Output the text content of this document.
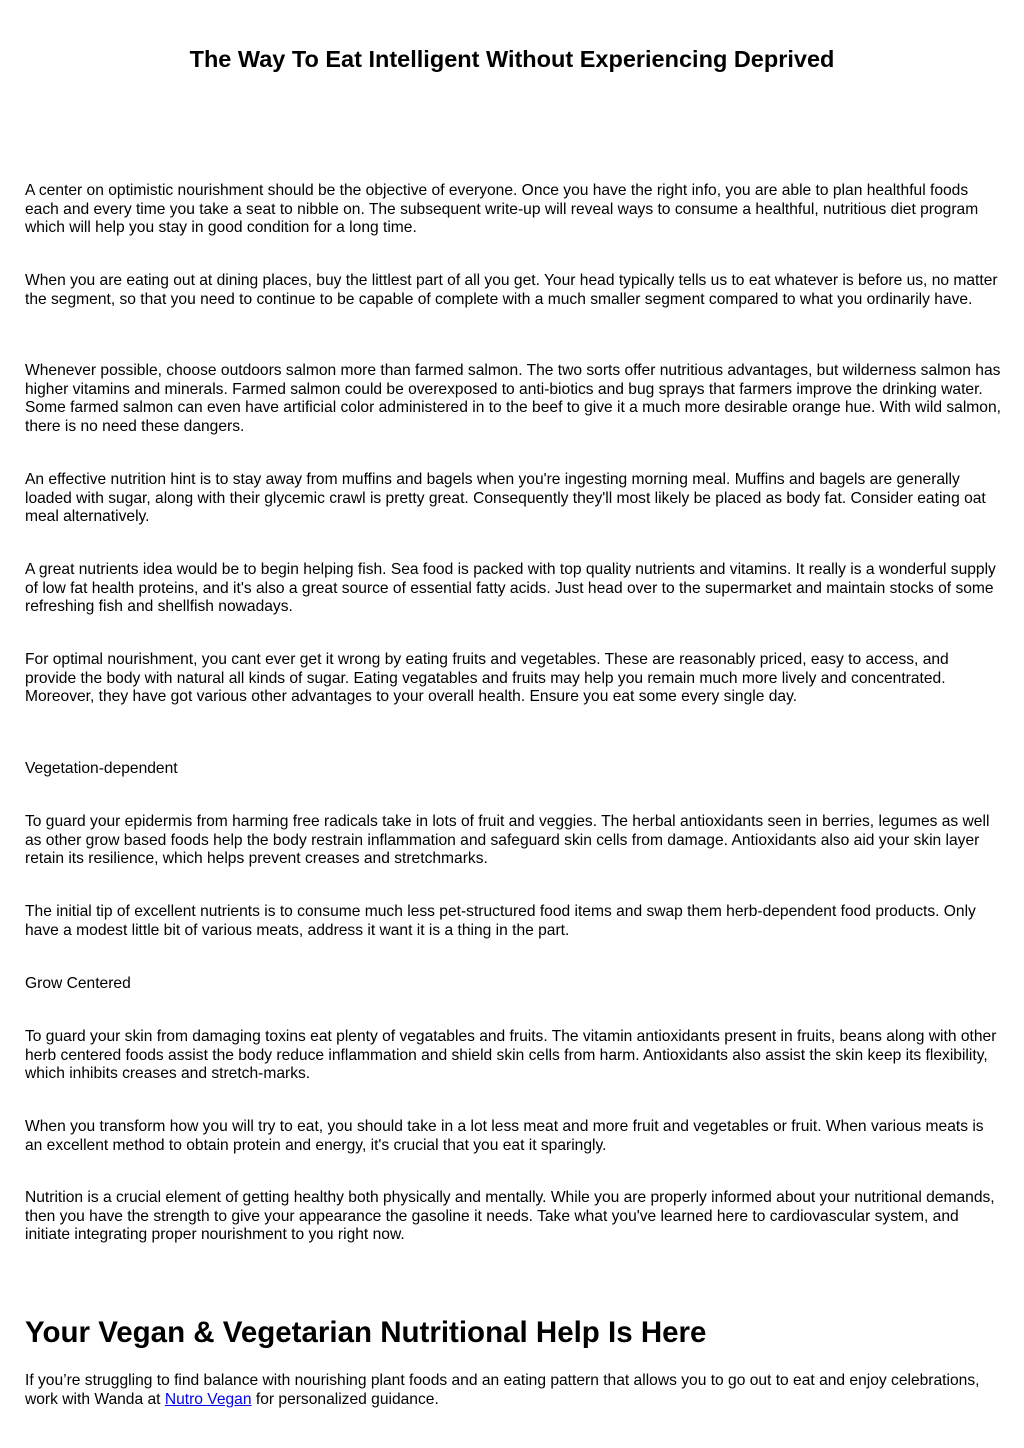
The Way To Eat Intelligent Without Experiencing Deprived

A center on optimistic nourishment should be the objective of everyone. Once you have the right info, you are able to plan healthful foods each and every time you take a seat to nibble on. The subsequent write-up will reveal ways to consume a healthful, nutritious diet program which will help you stay in good condition for a long time.

When you are eating out at dining places, buy the littlest part of all you get. Your head typically tells us to eat whatever is before us, no matter the segment, so that you need to continue to be capable of complete with a much smaller segment compared to what you ordinarily have.

Whenever possible, choose outdoors salmon more than farmed salmon. The two sorts offer nutritious advantages, but wilderness salmon has higher vitamins and minerals. Farmed salmon could be overexposed to anti-biotics and bug sprays that farmers improve the drinking water. Some farmed salmon can even have artificial color administered in to the beef to give it a much more desirable orange hue. With wild salmon, there is no need these dangers.

An effective nutrition hint is to stay away from muffins and bagels when you're ingesting morning meal. Muffins and bagels are generally loaded with sugar, along with their glycemic crawl is pretty great. Consequently they'll most likely be placed as body fat. Consider eating oat meal alternatively.

A great nutrients idea would be to begin helping fish. Sea food is packed with top quality nutrients and vitamins. It really is a wonderful supply of low fat health proteins, and it's also a great source of essential fatty acids. Just head over to the supermarket and maintain stocks of some refreshing fish and shellfish nowadays.

For optimal nourishment, you cant ever get it wrong by eating fruits and vegetables. These are reasonably priced, easy to access, and provide the body with natural all kinds of sugar. Eating vegatables and fruits may help you remain much more lively and concentrated. Moreover, they have got various other advantages to your overall health. Ensure you eat some every single day.

Vegetation-dependent

To guard your epidermis from harming free radicals take in lots of fruit and veggies. The herbal antioxidants seen in berries, legumes as well as other grow based foods help the body restrain inflammation and safeguard skin cells from damage. Antioxidants also aid your skin layer retain its resilience, which helps prevent creases and stretchmarks.

The initial tip of excellent nutrients is to consume much less pet-structured food items and swap them herb-dependent food products. Only have a modest little bit of various meats, address it want it is a thing in the part.

Grow Centered

To guard your skin from damaging toxins eat plenty of vegatables and fruits. The vitamin antioxidants present in fruits, beans along with other herb centered foods assist the body reduce inflammation and shield skin cells from harm. Antioxidants also assist the skin keep its flexibility, which inhibits creases and stretch-marks.

When you transform how you will try to eat, you should take in a lot less meat and more fruit and vegetables or fruit. When various meats is an excellent method to obtain protein and energy, it's crucial that you eat it sparingly.

Nutrition is a crucial element of getting healthy both physically and mentally. While you are properly informed about your nutritional demands, then you have the strength to give your appearance the gasoline it needs. Take what you've learned here to cardiovascular system, and initiate integrating proper nourishment to you right now.

Your Vegan & Vegetarian Nutritional Help Is Here

If you’re struggling to find balance with nourishing plant foods and an eating pattern that allows you to go out to eat and enjoy celebrations, work with Wanda at Nutro Vegan for personalized guidance.
